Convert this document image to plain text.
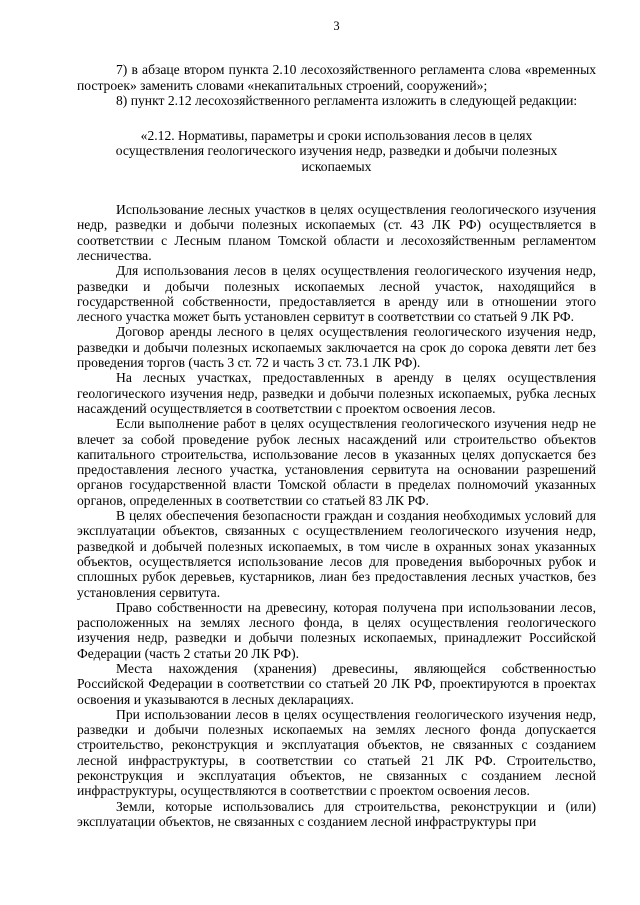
3

7) в абзаце втором пункта 2.10 лесохозяйственного регламента слова «временных построек» заменить словами «некапитальных строений, сооружений»;

8) пункт 2.12 лесохозяйственного регламента изложить в следующей редакции:

«2.12. Нормативы, параметры и сроки использования лесов в целях осуществления геологического изучения недр, разведки и добычи полезных ископаемых

Использование лесных участков в целях осуществления геологического изучения недр, разведки и добычи полезных ископаемых (ст. 43 ЛК РФ) осуществляется в соответствии с Лесным планом Томской области и лесохозяйственным регламентом лесничества.

Для использования лесов в целях осуществления геологического изучения недр, разведки и добычи полезных ископаемых лесной участок, находящийся в государственной собственности, предоставляется в аренду или в отношении этого лесного участка может быть установлен сервитут в соответствии со статьей 9 ЛК РФ.

Договор аренды лесного в целях осуществления геологического изучения недр, разведки и добычи полезных ископаемых заключается на срок до сорока девяти лет без проведения торгов (часть 3 ст. 72 и часть 3 ст. 73.1 ЛК РФ).

На лесных участках, предоставленных в аренду в целях осуществления геологического изучения недр, разведки и добычи полезных ископаемых, рубка лесных насаждений осуществляется в соответствии с проектом освоения лесов.

Если выполнение работ в целях осуществления геологического изучения недр не влечет за собой проведение рубок лесных насаждений или строительство объектов капитального строительства, использование лесов в указанных целях допускается без предоставления лесного участка, установления сервитута на основании разрешений органов государственной власти Томской области в пределах полномочий указанных органов, определенных в соответствии со статьей 83 ЛК РФ.

В целях обеспечения безопасности граждан и создания необходимых условий для эксплуатации объектов, связанных с осуществлением геологического изучения недр, разведкой и добычей полезных ископаемых, в том числе в охранных зонах указанных объектов, осуществляется использование лесов для проведения выборочных рубок и сплошных рубок деревьев, кустарников, лиан без предоставления лесных участков, без установления сервитута.

Право собственности на древесину, которая получена при использовании лесов, расположенных на землях лесного фонда, в целях осуществления геологического изучения недр, разведки и добычи полезных ископаемых, принадлежит Российской Федерации (часть 2 статьи 20 ЛК РФ).

Места нахождения (хранения) древесины, являющейся собственностью Российской Федерации в соответствии со статьей 20 ЛК РФ, проектируются в проектах освоения и указываются в лесных декларациях.

При использовании лесов в целях осуществления геологического изучения недр, разведки и добычи полезных ископаемых на землях лесного фонда допускается строительство, реконструкция и эксплуатация объектов, не связанных с созданием лесной инфраструктуры, в соответствии со статьей 21 ЛК РФ. Строительство, реконструкция и эксплуатация объектов, не связанных с созданием лесной инфраструктуры, осуществляются в соответствии с проектом освоения лесов.

Земли, которые использовались для строительства, реконструкции и (или) эксплуатации объектов, не связанных с созданием лесной инфраструктуры при
